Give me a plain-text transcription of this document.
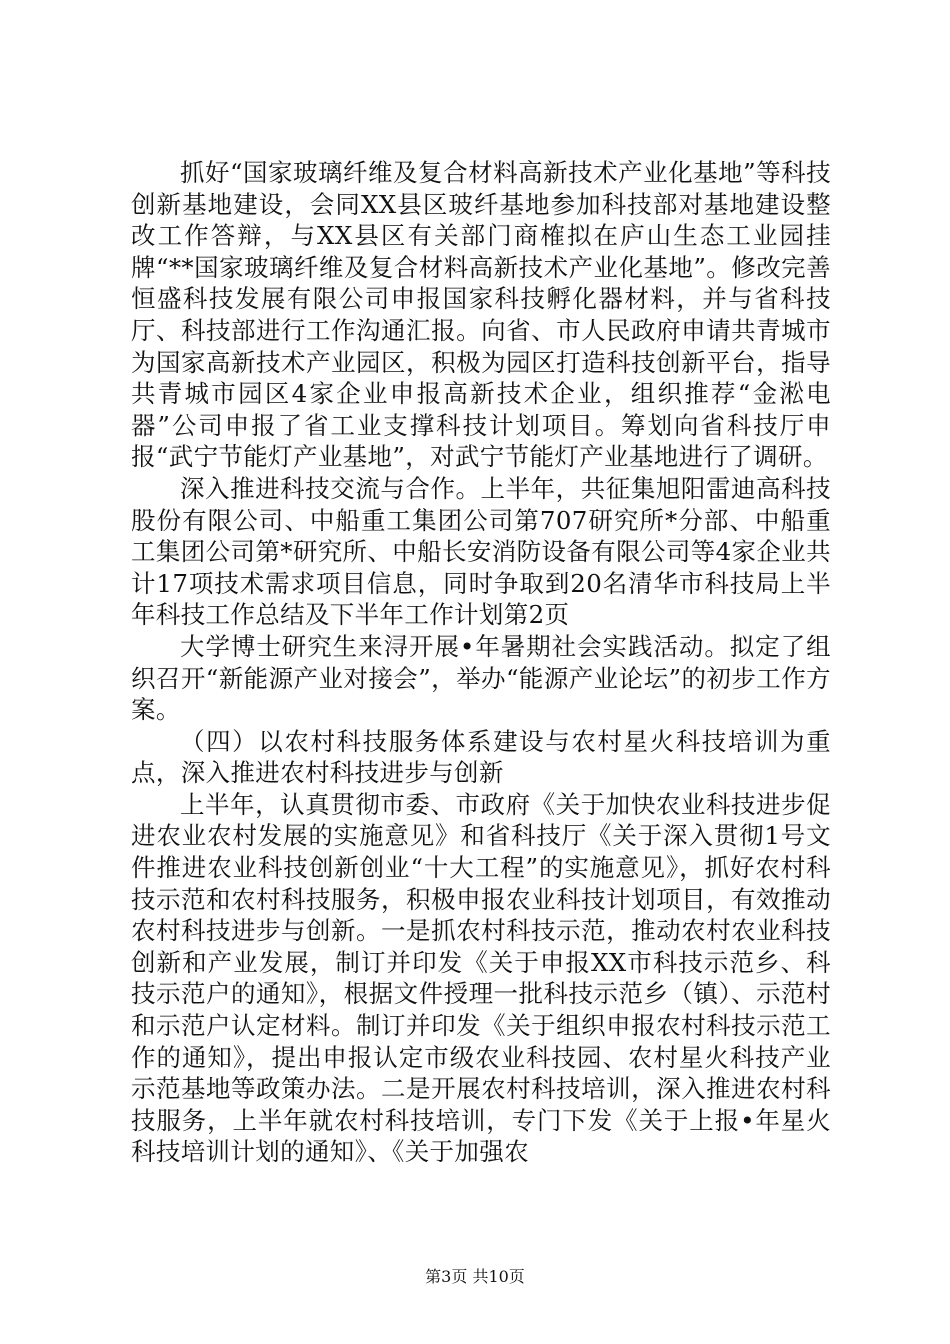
抓好“国家玻璃纤维及复合材料高新技术产业化基地”等科技创新基地建设，会同XX县区玻纤基地参加科技部对基地建设整改工作答辩，与XX县区有关部门商榷拟在庐山生态工业园挂牌“**国家玻璃纤维及复合材料高新技术产业化基地”。修改完善恒盛科技发展有限公司申报国家科技孵化器材料，并与省科技厅、科技部进行工作沟通汇报。向省、市人民政府申请共青城市为国家高新技术产业园区，积极为园区打造科技创新平台，指导共青城市园区4家企业申报高新技术企业，组织推荐“金淞电器”公司申报了省工业支撑科技计划项目。筹划向省科技厅申报“武宁节能灯产业基地”，对武宁节能灯产业基地进行了调研。

深入推进科技交流与合作。上半年，共征集旭阳雷迪高科技股份有限公司、中船重工集团公司第707研究所*分部、中船重工集团公司第*研究所、中船长安消防设备有限公司等4家企业共计17项技术需求项目信息，同时争取到20名清华市科技局上半年科技工作总结及下半年工作计划第2页

大学博士研究生来浔开展•年暑期社会实践活动。拟定了组织召开“新能源产业对接会”，举办“能源产业论坛”的初步工作方案。

（四）以农村科技服务体系建设与农村星火科技培训为重点，深入推进农村科技进步与创新

上半年，认真贯彻市委、市政府《关于加快农业科技进步促进农业农村发展的实施意见》和省科技厅《关于深入贯彻1号文件推进农业科技创新创业“十大工程”的实施意见》，抓好农村科技示范和农村科技服务，积极申报农业科技计划项目，有效推动农村科技进步与创新。一是抓农村科技示范，推动农村农业科技创新和产业发展，制订并印发《关于申报XX市科技示范乡、科技示范户的通知》，根据文件授理一批科技示范乡（镇）、示范村和示范户认定材料。制订并印发《关于组织申报农村科技示范工作的通知》，提出申报认定市级农业科技园、农村星火科技产业示范基地等政策办法。二是开展农村科技培训，深入推进农村科技服务，上半年就农村科技培训，专门下发《关于上报•年星火科技培训计划的通知》、《关于加强农

第3页 共10页
